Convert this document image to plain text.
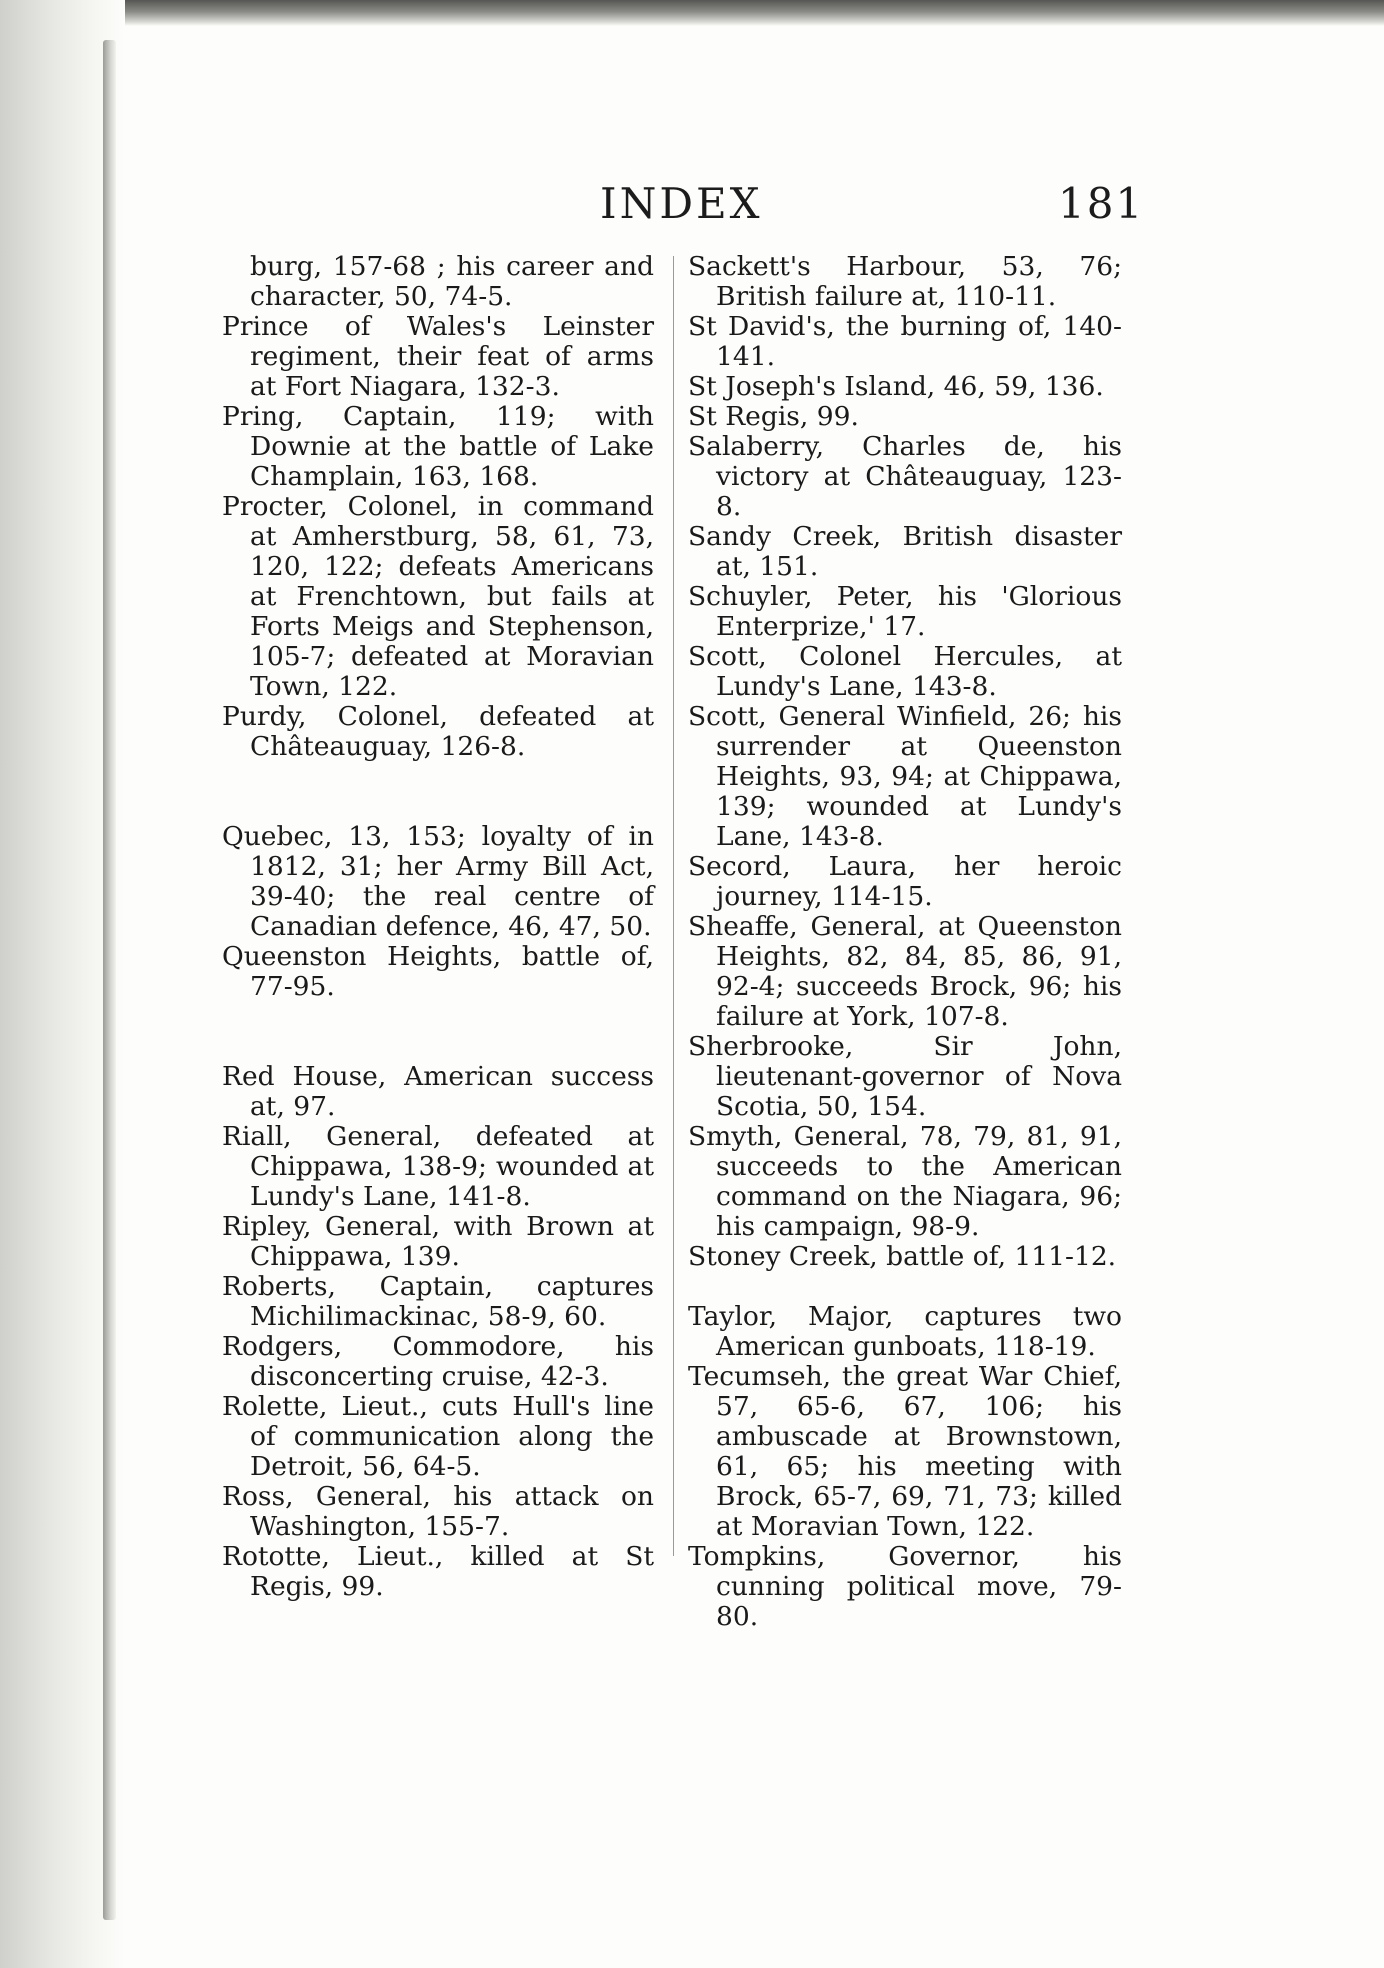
INDEX	181

burg, 157-68 ; his career and character, 50, 74-5.

Prince of Wales's Leinster regiment, their feat of arms at Fort Niagara, 132-3.

Pring, Captain, 119; with Downie at the battle of Lake Champlain, 163, 168.

Procter, Colonel, in command at Amherstburg, 58, 61, 73, 120, 122; defeats Americans at Frenchtown, but fails at Forts Meigs and Stephenson, 105-7; defeated at Moravian Town, 122.

Purdy, Colonel, defeated at Châteauguay, 126-8.

Quebec, 13, 153; loyalty of in 1812, 31; her Army Bill Act, 39-40; the real centre of Canadian defence, 46, 47, 50.

Queenston Heights, battle of, 77-95.

Red House, American success at, 97.

Riall, General, defeated at Chippawa, 138-9; wounded at Lundy's Lane, 141-8.

Ripley, General, with Brown at Chippawa, 139.

Roberts, Captain, captures Michilimackinac, 58-9, 60.

Rodgers, Commodore, his disconcerting cruise, 42-3.

Rolette, Lieut., cuts Hull's line of communication along the Detroit, 56, 64-5.

Ross, General, his attack on Washington, 155-7.

Rototte, Lieut., killed at St Regis, 99.

Sackett's Harbour, 53, 76; British failure at, 110-11.

St David's, the burning of, 140-141.

St Joseph's Island, 46, 59, 136.

St Regis, 99.

Salaberry, Charles de, his victory at Châteauguay, 123-8.

Sandy Creek, British disaster at, 151.

Schuyler, Peter, his 'Glorious Enterprize,' 17.

Scott, Colonel Hercules, at Lundy's Lane, 143-8.

Scott, General Winfield, 26; his surrender at Queenston Heights, 93, 94; at Chippawa, 139; wounded at Lundy's Lane, 143-8.

Secord, Laura, her heroic journey, 114-15.

Sheaffe, General, at Queenston Heights, 82, 84, 85, 86, 91, 92-4; succeeds Brock, 96; his failure at York, 107-8.

Sherbrooke, Sir John, lieutenant-governor of Nova Scotia, 50, 154.

Smyth, General, 78, 79, 81, 91, succeeds to the American command on the Niagara, 96; his campaign, 98-9.

Stoney Creek, battle of, 111-12.

Taylor, Major, captures two American gunboats, 118-19.

Tecumseh, the great War Chief, 57, 65-6, 67, 106; his ambuscade at Brownstown, 61, 65; his meeting with Brock, 65-7, 69, 71, 73; killed at Moravian Town, 122.

Tompkins, Governor, his cunning political move, 79-80.
